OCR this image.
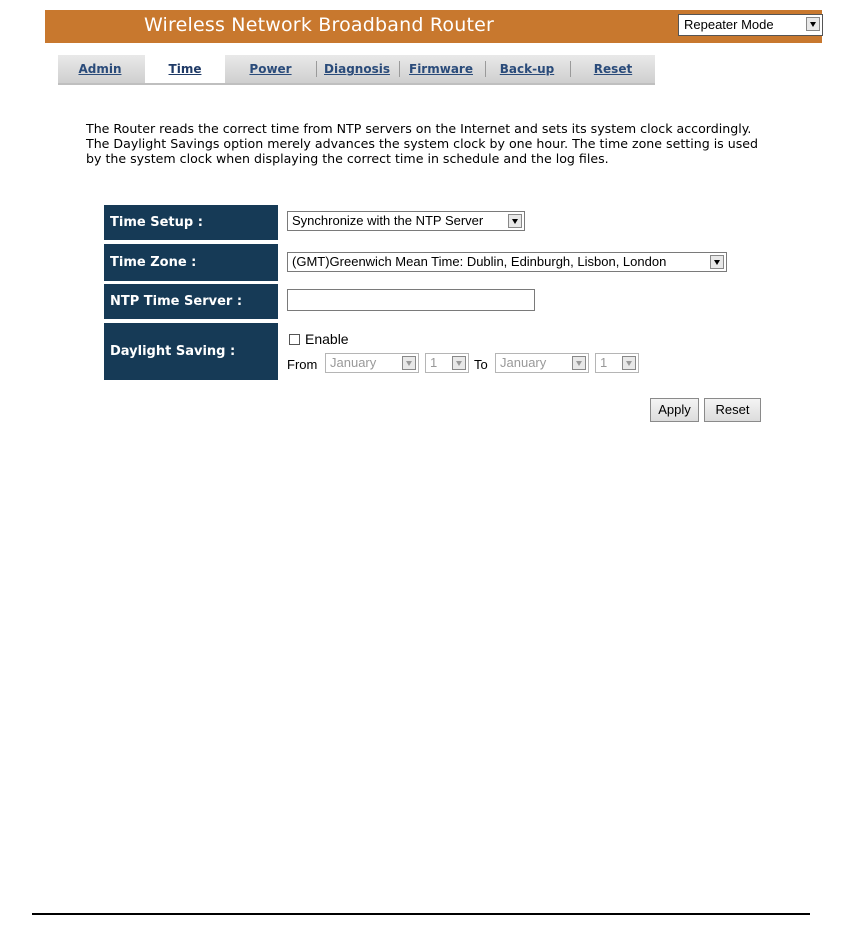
Wireless Network Broadband Router	Repeater Mode
Admin	Time	Power	Diagnosis	Firmware	Back-up	Reset
The Router reads the correct time from NTP servers on the Internet and sets its system clock accordingly. The Daylight Savings option merely advances the system clock by one hour. The time zone setting is used by the system clock when displaying the correct time in schedule and the log files.
Time Setup :	Synchronize with the NTP Server
Time Zone :	(GMT)Greenwich Mean Time: Dublin, Edinburgh, Lisbon, London
NTP Time Server :
Daylight Saving :
Enable
From January	1	To January	1
Apply	Reset
